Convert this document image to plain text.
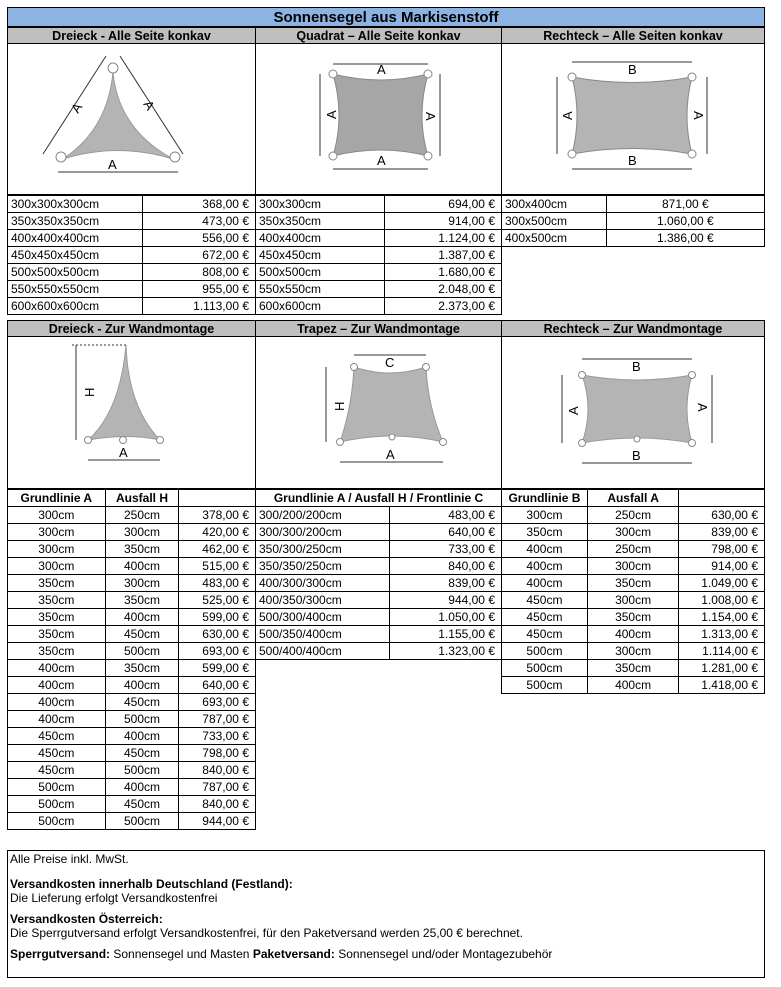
Sonnensegel aus Markisenstoff
Dreieck - Alle Seite konkav	Quadrat – Alle Seite konkav	Rechteck – Alle Seiten konkav
A	A
A
A
A	A
A
B
A	A
B
300x300x300cm	368,00 €
350x350x350cm	473,00 €
400x400x400cm	556,00 €
450x450x450cm	672,00 €
500x500x500cm	808,00 €
550x550x550cm	955,00 €
600x600x600cm	1.113,00 €
300x300cm	694,00 €
350x350cm	914,00 €
400x400cm	1.124,00 €
450x450cm	1.387,00 €
500x500cm	1.680,00 €
550x550cm	2.048,00 €
600x600cm	2.373,00 €
300x400cm	871,00 €
300x500cm	1.060,00 €
400x500cm	1.386,00 €
Dreieck - Zur Wandmontage	Trapez – Zur Wandmontage	Rechteck – Zur Wandmontage
H
A
C
H
A
B
A	A
B
Grundlinie A	Ausfall H	
300cm	250cm	378,00 €
300cm	300cm	420,00 €
300cm	350cm	462,00 €
300cm	400cm	515,00 €
350cm	300cm	483,00 €
350cm	350cm	525,00 €
350cm	400cm	599,00 €
350cm	450cm	630,00 €
350cm	500cm	693,00 €
400cm	350cm	599,00 €
400cm	400cm	640,00 €
400cm	450cm	693,00 €
400cm	500cm	787,00 €
450cm	400cm	733,00 €
450cm	450cm	798,00 €
450cm	500cm	840,00 €
500cm	400cm	787,00 €
500cm	450cm	840,00 €
500cm	500cm	944,00 €
Grundlinie A / Ausfall H / Frontlinie C	
300/200/200cm	483,00 €
300/300/200cm	640,00 €
350/300/250cm	733,00 €
350/350/250cm	840,00 €
400/300/300cm	839,00 €
400/350/300cm	944,00 €
500/300/400cm	1.050,00 €
500/350/400cm	1.155,00 €
500/400/400cm	1.323,00 €
Grundlinie B	Ausfall A	
300cm	250cm	630,00 €
350cm	300cm	839,00 €
400cm	250cm	798,00 €
400cm	300cm	914,00 €
400cm	350cm	1.049,00 €
450cm	300cm	1.008,00 €
450cm	350cm	1.154,00 €
450cm	400cm	1.313,00 €
500cm	300cm	1.114,00 €
500cm	350cm	1.281,00 €
500cm	400cm	1.418,00 €

Alle Preise inkl. MwSt.

Versandkosten innerhalb Deutschland (Festland):
Die Lieferung erfolgt Versandkostenfrei

Versandkosten Österreich:
Die Sperrgutversand erfolgt Versandkostenfrei, für den Paketversand werden 25,00 € berechnet.

Sperrgutversand: Sonnensegel und Masten Paketversand: Sonnensegel und/oder Montagezubehör
